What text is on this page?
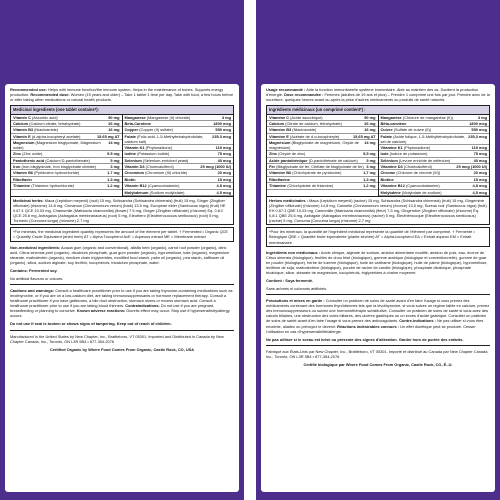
Recommended use: Helps with immune function/the immune system. Helps in the maintenance of bones. Supports energy production. Recommended dose: Women (19 years and older) – Take 1 tablet 1 time per day. Take with food, a few hours before or after taking other medications or natural health products.
Medicinal ingredients (one tablet contains*):
Vitamin C (Ascorbic acid)	90 mg
Calcium (Calcium citrate, tetrahydrate)	26 mg
Vitamin B3 (Niacinamide)	16 mg
Vitamin E (d-alpha-tocopheryl acetate)	15.65 mg AT
Magnesium (Magnesium bisglycinate, Magnesium oxide)
14 mg
Zinc (Zinc oxide)	5.5 mg
Pantothenic acid (Calcium D-pantothenate)	5 mg
Iron (Iron bisglycinate, Iron bisglycinate chelate)	3 mg
Vitamin B6 (Pyridoxine hydrochloride)	1.7 mg
Riboflavin	1.3 mg
Thiamine (Thiamine hydrochloride)	1.2 mg
Manganese (Manganese (II) chloride)	3 mg
Beta-Carotene	1800 mcg
Copper (Copper (II) sulfate)	550 mcg
Folate (Folic acid, L-5-Methyltetrahydrofolate, calcium salt)
235.3 mcg
Vitamin K1 (Phytonadione)	119 mcg
Iodine (Potassium iodide)	75 mcg
Selenium (Selenium-enriched yeast)	40 mcg
Vitamin D3 (Cholecalciferol)	25 mcg (1000 IU)
Chromium (Chromium (III) chloride)	20 mcg
Biotin	15 mcg
Vitamin B12 (Cyanocobalamin)	4.8 mcg
Molybdenum (Sodium molybdate)	4.5 mcg
Medicinal herbs: Maca (Lepidium meyenii) (root) 15 mg, Schisandra (Schisandra chinensis) (fruit) 15 mg, Ginger (Zingiber officinale) (rhizome) 14.8 mg, Cinnamon (Cinnamomum verum) (bark) 13.5 mg, European elder (Sambucus nigra) (fruit) HE 0.67:1 QCE 10.03 mg, Chamomile (Matricaria chamomilla) (flower) 7.5 mg, Ginger (Zingiber officinale) (rhizome) Eq. 0.8:1 QCE 25.6 mg, Astragalus (Astragalus membranaceus) (root) 5 mg, Eleuthero (Eleutherococcus senticosus) (root) 5 mg, Turmeric (Curcuma longa) (rhizome) 2.7 mg
*For minerals, the medicinal ingredient quantity represents the amount of the element per tablet. † Fermented • Organic QCE = Quantity Crude Equivalent (dried herb) AT = Alpha Tocopherol AcE = Aqueous extract ME = Membrane extract
Non-medicinal ingredients: Acacia gum (organic and conventional), alfalfa herb (organic), carrot root powder (organic), citric acid, Citrus sinensis peel (organic), dicalcium phosphate, guar gum powder (organic), hypromellose, kale (organic), magnesium stearate, maltodextrin (organic), medium chain triglycerides, modified food starch, palm oil (organic), pea starch, safflower oil (organic), silica, sodium alginate, soy lecithin, tocopherols, tricalcium phosphate, water.
Contains: Fermented soy.
No artificial flavours or colours.
Cautions and warnings: Consult a healthcare practitioner prior to use if you are taking thyroxine-containing medications such as levothyroxine, or if you are on a low-calcium diet, are taking immunosuppressants or hormone replacement therapy. Consult a healthcare practitioner if you have gallstones, a bile duct obstruction, stomach ulcers or excess stomach acid. Consult a healthcare practitioner prior to use if you are taking blood thinners. Contraindications: Do not use if you are pregnant, breastfeeding or planning to conceive. Known adverse reactions: Diuretic effect may occur. Stop use if hypersensitivity/allergy occurs.
Do not use if seal is broken or shows signs of tampering. Keep out of reach of children.
Manufactured in the United States by New Chapter, Inc., Brattleboro, VT 05301. Imported and Distributed in Canada by New Chapter Canada, Inc., Toronto, ON L3R 5B4 • 877-354-2076
Certified Organic by Where Food Comes From Organic, Castle Rock, CO, USA
Usage recommandé : Aide la fonction immunitaire/le système immunitaire. Aide au maintien des os. Soutient la production d'énergie. Dose recommandée : Femmes (adultes de 19 ans et plus) – Prendre 1 comprimé une fois par jour. Prendre avec de la nourriture, quelques heures avant ou après la prise d'autres médicaments ou produits de santé naturels.
Ingrédients médicinaux (un comprimé contient*) :
Vitamine C (Acide ascorbique)	90 mg
Calcium (Citrate de calcium, tétrahydraté)	26 mg
Vitamine B3 (Niacinamide)	16 mg
Vitamine E (Acétate de d-α-tocophéryle)	15,65 mg AT
Magnésium (Bisglycinate de magnésium, Oxyde de magnésium)
14 mg
Zinc (Oxyde de zinc)	5,5 mg
Acide pantothénique (D-pantothénate de calcium)	5 mg
Fer (Bisglycinate de fer, Chélate de bisglycinate de fer) 3 mg
Vitamine B6 (Chlorhydrate de pyridoxine)	1,7 mg
Riboflavine	1,3 mg
Thiamine (Chlorhydrate de thiamine)	1,2 mg
Manganèse (Chlorure de manganèse (II))	3 mg
Bêta-carotène	1800 mcg
Cuivre (Sulfate de cuivre (II))	550 mcg
Folate (Acide folique, L-5-Méthyltétrahydrofolate, sel de calcium)
235,3 mcg
Vitamine K1 (Phytonadione)	119 mcg
Iode (Iodure de potassium)	75 mcg
Sélénium (Levure enrichie de sélénium)	40 mcg
Vitamine D3 (Cholécalciférol)	25 mcg (1000 UI)
Chrome (Chlorure de chrome (III))	20 mcg
Biotine	15 mcg
Vitamine B12 (Cyanocobalamine)	4,8 mcg
Molybdène (Molybdate de sodium)	4,5 mcg
Herbes médicinales : Maca (Lepidium meyenii) (racine) 15 mg, Schisandra (Schisandra chinensis) (fruit) 15 mg, Gingembre (Zingiber officinale) (rhizome) 14,8 mg, Cannelle (Cinnamomum verum) (écorce) 13,5 mg, Sureau noir (Sambucus nigra) (fruit) EH 0,67:1 QBE 10,03 mg, Camomille (Matricaria chamomilla) (fleur) 7,5 mg, Gingembre (Zingiber officinale) (rhizome) Éq. 0,8:1 QBE 25,6 mg, Astragale (Astragalus membranaceus) (racine) 5 mg, Éleuthérocoque (Eleutherococcus senticosus) (racine) 5 mg, Curcuma (Curcuma longa) (rhizome) 2,7 mg
*Pour les minéraux, la quantité de l'ingrédient médicinal représente la quantité de l'élément par comprimé. † Fermenté • Biologique QBE = Quantité brute équivalente (plante séchée) AT = Alpha-tocophérol EA = Extrait aqueux EM = Extrait membranaire
Ingrédients non médicinaux : Acide citrique, alginate de sodium, amidon alimentaire modifié, amidon de pois, eau, écorce de Citrus sinensis (biologique), feuilles de chou frisé (biologique), gomme arabique (biologique et conventionnelle), gomme de guar en poudre (biologique), herbe de luzerne (biologique), huile de carthame (biologique), huile de palme (biologique), hypromellose, lécithine de soja, maltodextrine (biologique), poudre de racine de carotte (biologique), phosphate dicalcique, phosphate tricalcique, silice, stéarate de magnésium, tocophérols, triglycérides à chaîne moyenne.
Contient : Soya fermenté.
Sans arômes ni colorants artificiels.
Précautions et mises en garde : Consulter un praticien de soins de santé avant d'en faire l'usage si vous prenez des médicaments contenant des hormones thyroïdiennes tels que la lévothyroxine, si vous suivez un régime faible en calcium, prenez des immunosuppresseurs ou suivez une hormonothérapie substitutive. Consulter un praticien de soins de santé si vous avez des calculs biliaires, une obstruction des voies biliaires, des ulcères gastriques ou un excès d'acide gastrique. Consulter un praticien de soins de santé avant d'en faire l'usage si vous prenez des anticoagulants. Contre-indications : Ne pas utiliser si vous êtes enceinte, allaitez ou prévoyez le devenir. Réactions indésirables connues : Un effet diurétique peut se produire. Cesser l'utilisation en cas d'hypersensibilité/allergie.
Ne pas utiliser si le sceau est brisé ou présente des signes d'altération. Garder hors de portée des enfants.
Fabriqué aux États-Unis par New Chapter, Inc., Brattleboro, VT 05301. Importé et distribué au Canada par New Chapter Canada, Inc., Toronto, ON L3R 5B4 • 877-354-2076
Certifié biologique par Where Food Comes From Organic, Castle Rock, CO, É.-U.
